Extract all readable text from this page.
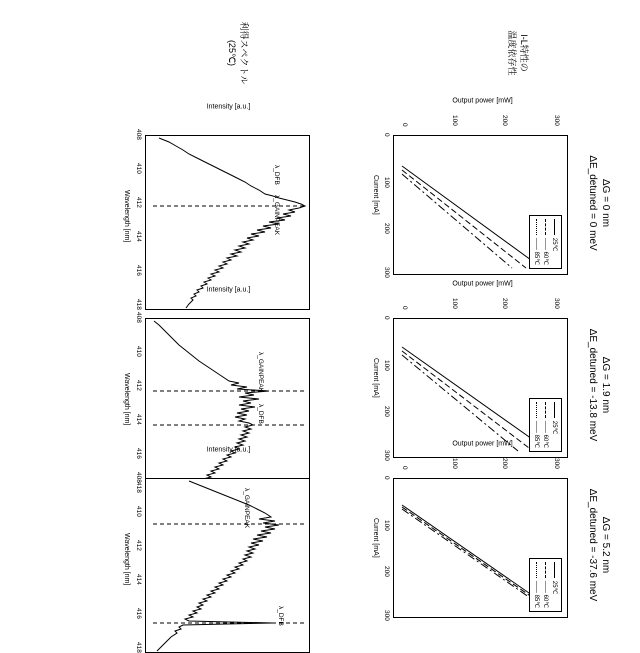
I-L特性の
温度依存性
利得スペクトル
(25℃)
ΔG = 0 nm
ΔE_detuned = 0 meV
ΔG = 1.9 nm
ΔE_detuned = -13.8 meV
ΔG = 5.2 nm
ΔE_detuned = -37.6 meV
25℃
―― 60℃
―― 85℃
0	100	200	300
0
100
200
300
Current [mA]
Output power [mW]
25℃
―― 60℃
―― 85℃
0	100	200	300
0
100
200
300
Current [mA]
Output power [mW]
25℃
―― 60℃
―― 85℃
0	100	200	300
0
100
200
300
Current [mA]
Output power [mW]
λ_DFB
λ_GAINPEAK
408
410
412
414
416
418
Wavelength [nm]
Intensity [a.u.]
λ_GAINPEAK
λ_DFB
408
410
412
414
416
418
Wavelength [nm]
Intensity [a.u.]
λ_GAINPEAK
λ_DFB
408
410
412
414
416
418
Wavelength [nm]
Intensity [a.u.]
